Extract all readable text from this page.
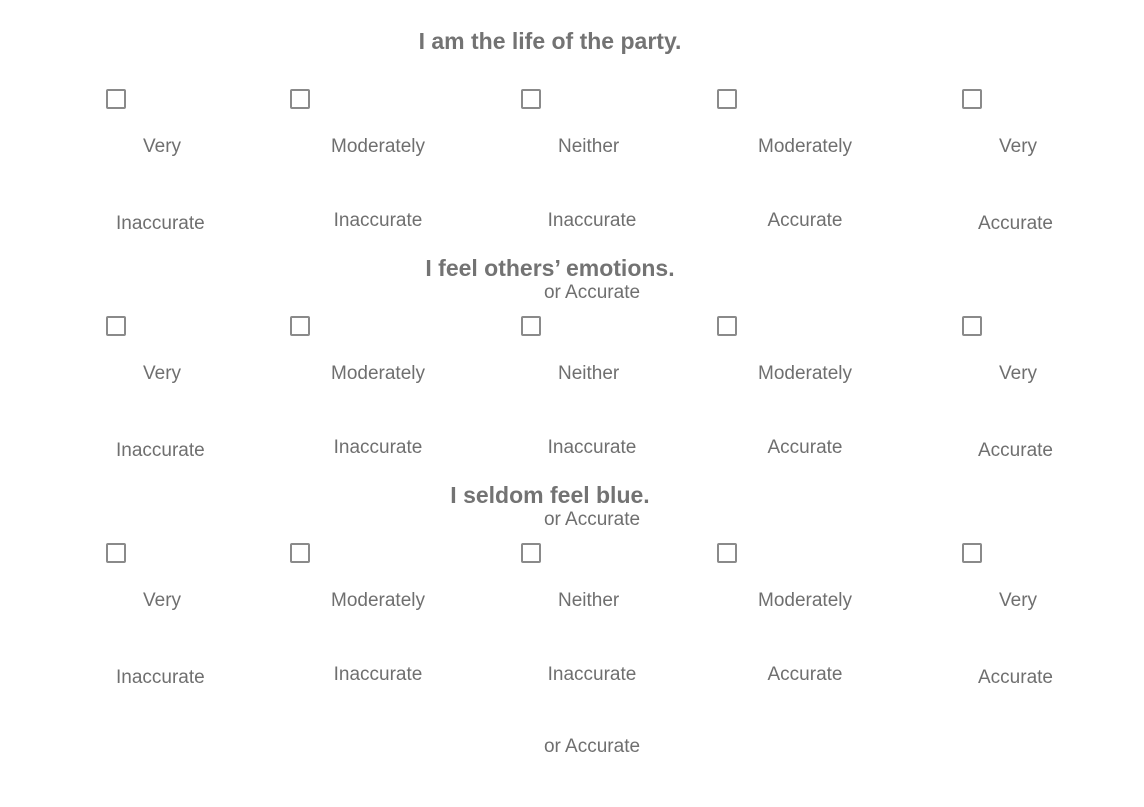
I am the life of the party.

Very

Inaccurate

Moderately

Inaccurate

Neither

Inaccurate

or Accurate

Moderately

Accurate

Very

Accurate

I feel others’ emotions.

Very

Inaccurate

Moderately

Inaccurate

Neither

Inaccurate

or Accurate

Moderately

Accurate

Very

Accurate

I seldom feel blue.

Very

Inaccurate

Moderately

Inaccurate

Neither

Inaccurate

or Accurate

Moderately

Accurate

Very

Accurate
